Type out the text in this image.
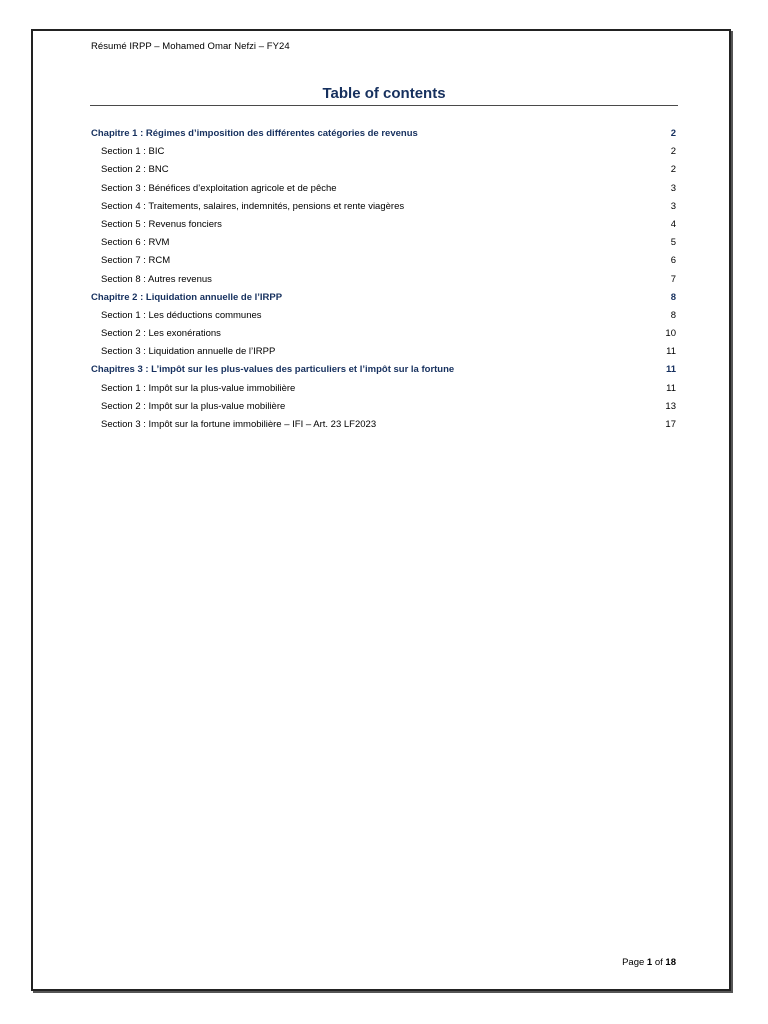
Résumé IRPP – Mohamed Omar Nefzi – FY24
Table of contents
Chapitre 1 : Régimes d’imposition des différentes catégories de revenus	2
Section 1 : BIC	2
Section 2 : BNC	2
Section 3 : Bénéfices d’exploitation agricole et de pêche	3
Section 4 : Traitements, salaires, indemnités, pensions et rente viagères	3
Section 5 : Revenus fonciers	4
Section 6 : RVM	5
Section 7 : RCM	6
Section 8 : Autres revenus	7
Chapitre 2 : Liquidation annuelle de l’IRPP	8
Section 1 : Les déductions communes	8
Section 2 : Les exonérations	10
Section 3 : Liquidation annuelle de l’IRPP	11
Chapitres 3 : L’impôt sur les plus-values des particuliers et l’impôt sur la fortune	11
Section 1 : Impôt sur la plus-value immobilière	11
Section 2 : Impôt sur la plus-value mobilière	13
Section 3 : Impôt sur la fortune immobilière – IFI – Art. 23 LF2023	17
Page 1 of 18
